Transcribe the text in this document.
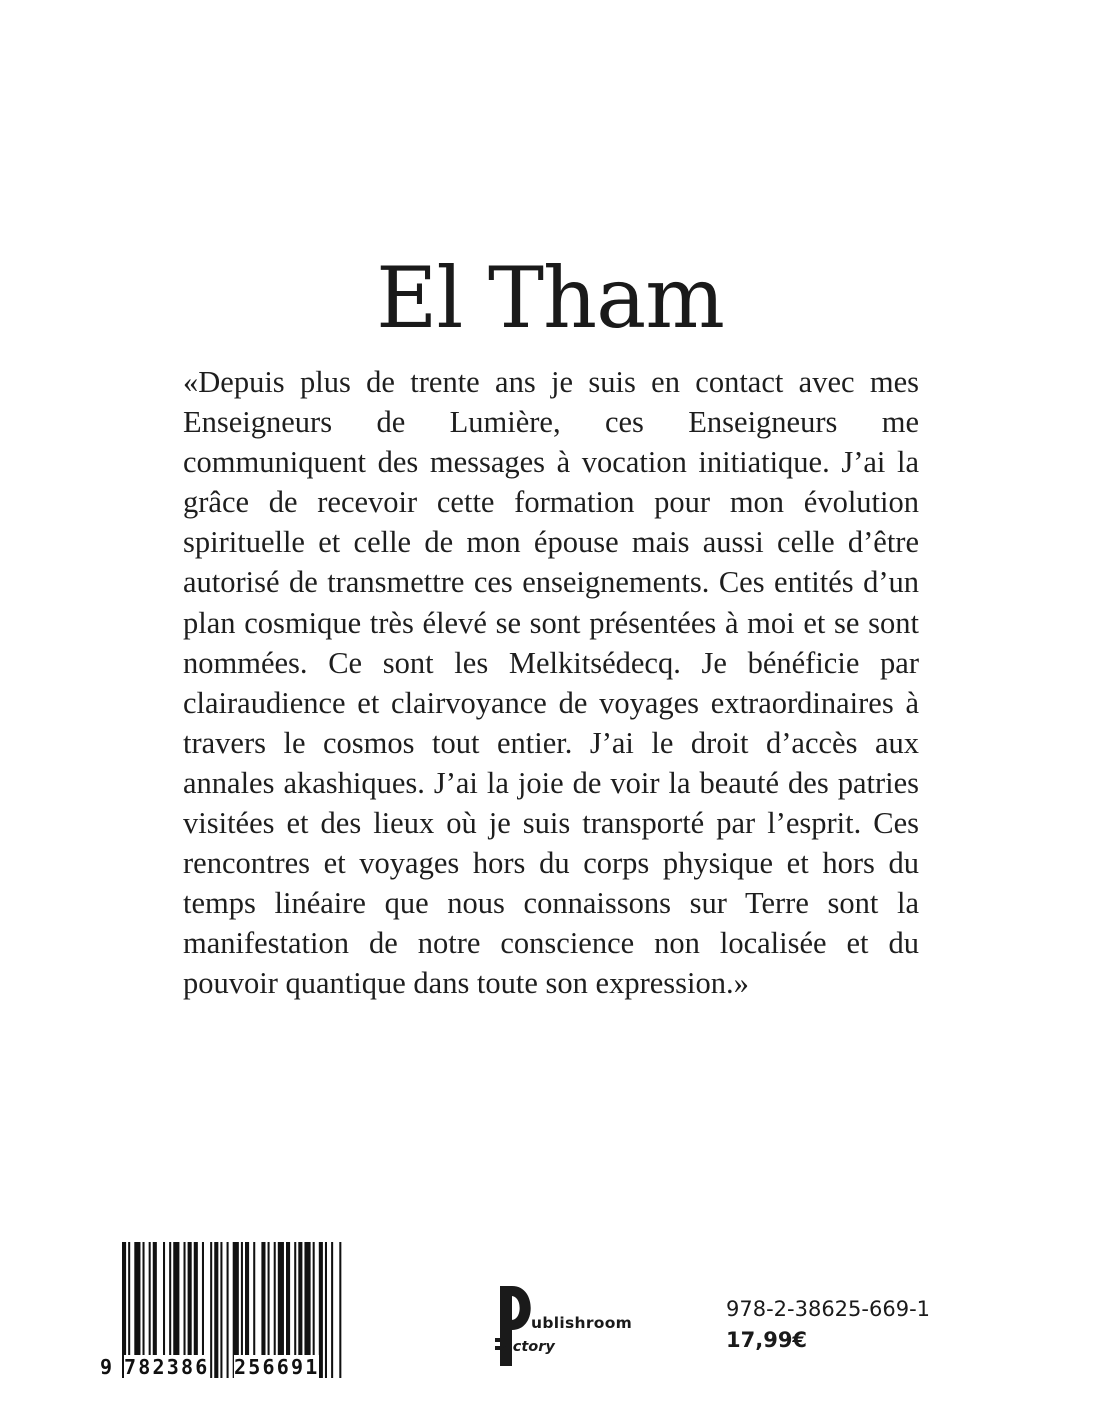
El Tham

«Depuis plus de trente ans je suis en contact avec mes Enseigneurs de Lumière, ces Enseigneurs me communiquent des messages à vocation initiatique. J’ai la grâce de recevoir cette formation pour mon évolution spirituelle et celle de mon épouse mais aussi celle d’être autorisé de transmettre ces enseignements. Ces entités d’un plan cosmique très élevé se sont présentées à moi et se sont nommées. Ce sont les Melkitsédecq. Je bénéficie par clairaudience et clairvoyance de voyages extraordinaires à travers le cosmos tout entier. J’ai le droit d’accès aux annales akashiques. J’ai la joie de voir la beauté des patries visitées et des lieux où je suis transporté par l’esprit. Ces rencontres et voyages hors du corps physique et hors du temps linéaire que nous connaissons sur Terre sont la manifestation de notre conscience non localisée et du pouvoir quantique dans toute son expression.»

9 782386 256691
ublishroom
actory
978-2-38625-669-1
17,99€
